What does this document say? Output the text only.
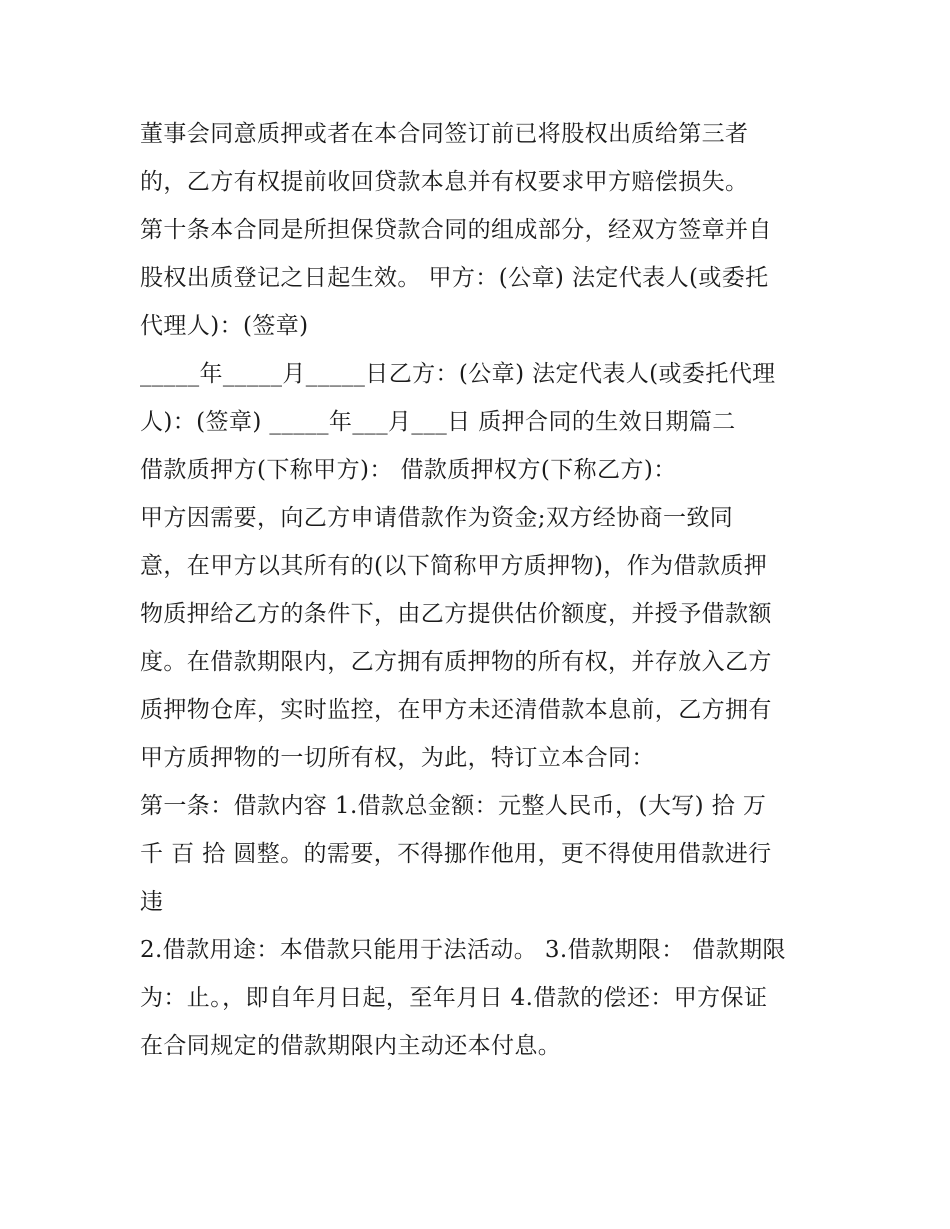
董事会同意质押或者在本合同签订前已将股权出质给第三者
的，乙方有权提前收回贷款本息并有权要求甲方赔偿损失。
第十条本合同是所担保贷款合同的组成部分，经双方签章并自
股权出质登记之日起生效。 甲方：(公章) 法定代表人(或委托
代理人)：(签章)
_____年_____月_____日乙方：(公章) 法定代表人(或委托代理
人)：(签章) _____年___月___日 质押合同的生效日期篇二
借款质押方(下称甲方)： 借款质押权方(下称乙方)：
甲方因需要，向乙方申请借款作为资金;双方经协商一致同
意，在甲方以其所有的(以下简称甲方质押物)，作为借款质押
物质押给乙方的条件下，由乙方提供估价额度，并授予借款额
度。在借款期限内，乙方拥有质押物的所有权，并存放入乙方
质押物仓库，实时监控，在甲方未还清借款本息前，乙方拥有
甲方质押物的一切所有权，为此，特订立本合同：
第一条：借款内容 1.借款总金额：元整人民币，(大写) 拾 万
千 百 拾 圆整。的需要，不得挪作他用，更不得使用借款进行
违
2.借款用途：本借款只能用于法活动。 3.借款期限： 借款期限
为：止。，即自年月日起，至年月日 4.借款的偿还：甲方保证
在合同规定的借款期限内主动还本付息。
